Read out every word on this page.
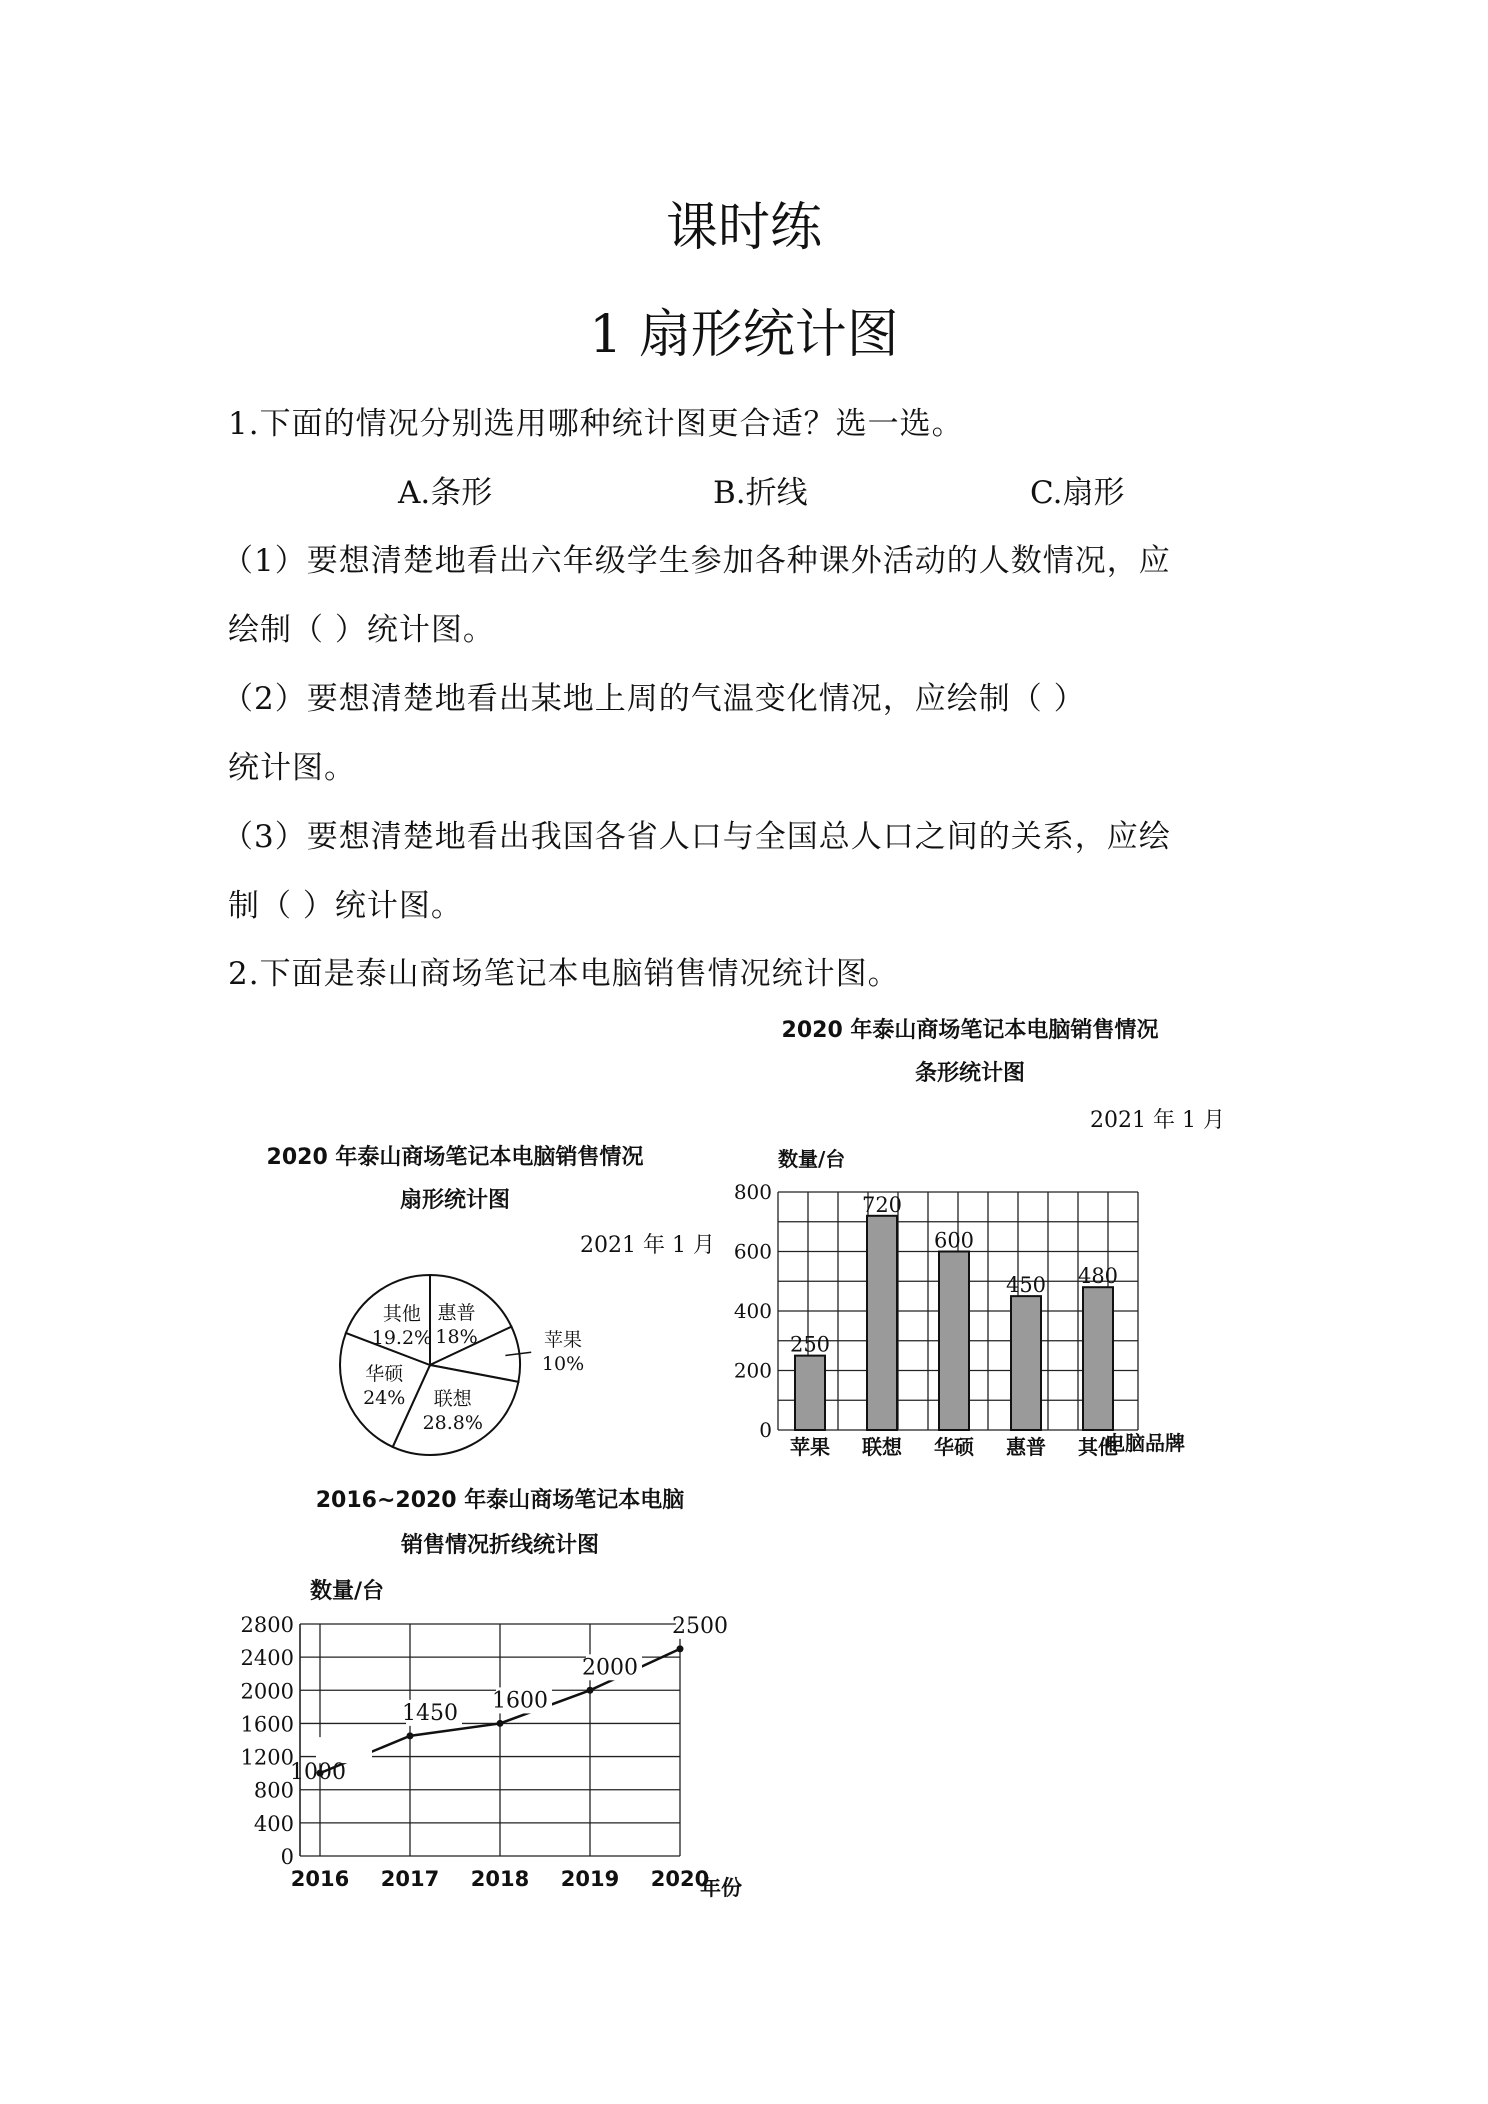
课时练
1 扇形统计图
1.下面的情况分别选用哪种统计图更合适？选一选。
A.条形	B.折线	C.扇形
（1）要想清楚地看出六年级学生参加各种课外活动的人数情况，应
绘制（ ）统计图。
（2）要想清楚地看出某地上周的气温变化情况，应绘制（ ）
统计图。
（3）要想清楚地看出我国各省人口与全国总人口之间的关系，应绘
制（ ）统计图。
2.下面是泰山商场笔记本电脑销售情况统计图。
2020 年泰山商场笔记本电脑销售情况
扇形统计图
2021 年 1 月
2020 年泰山商场笔记本电脑销售情况
条形统计图
2021 年 1 月
2016~2020 年泰山商场笔记本电脑
销售情况折线统计图
惠普
18%	苹果
10%
联想
28.8%
华硕
24%
其他
19.2%
数量/台
电脑品牌
0
200
400
600
800
250
苹果
720
联想
600
华硕
450
惠普
480
其他
数量/台
年份
0
400
800
1200
1600
2000
2400
2800
2016 2017 2018 2019 2020
1000
1450 1600
2000
2500
